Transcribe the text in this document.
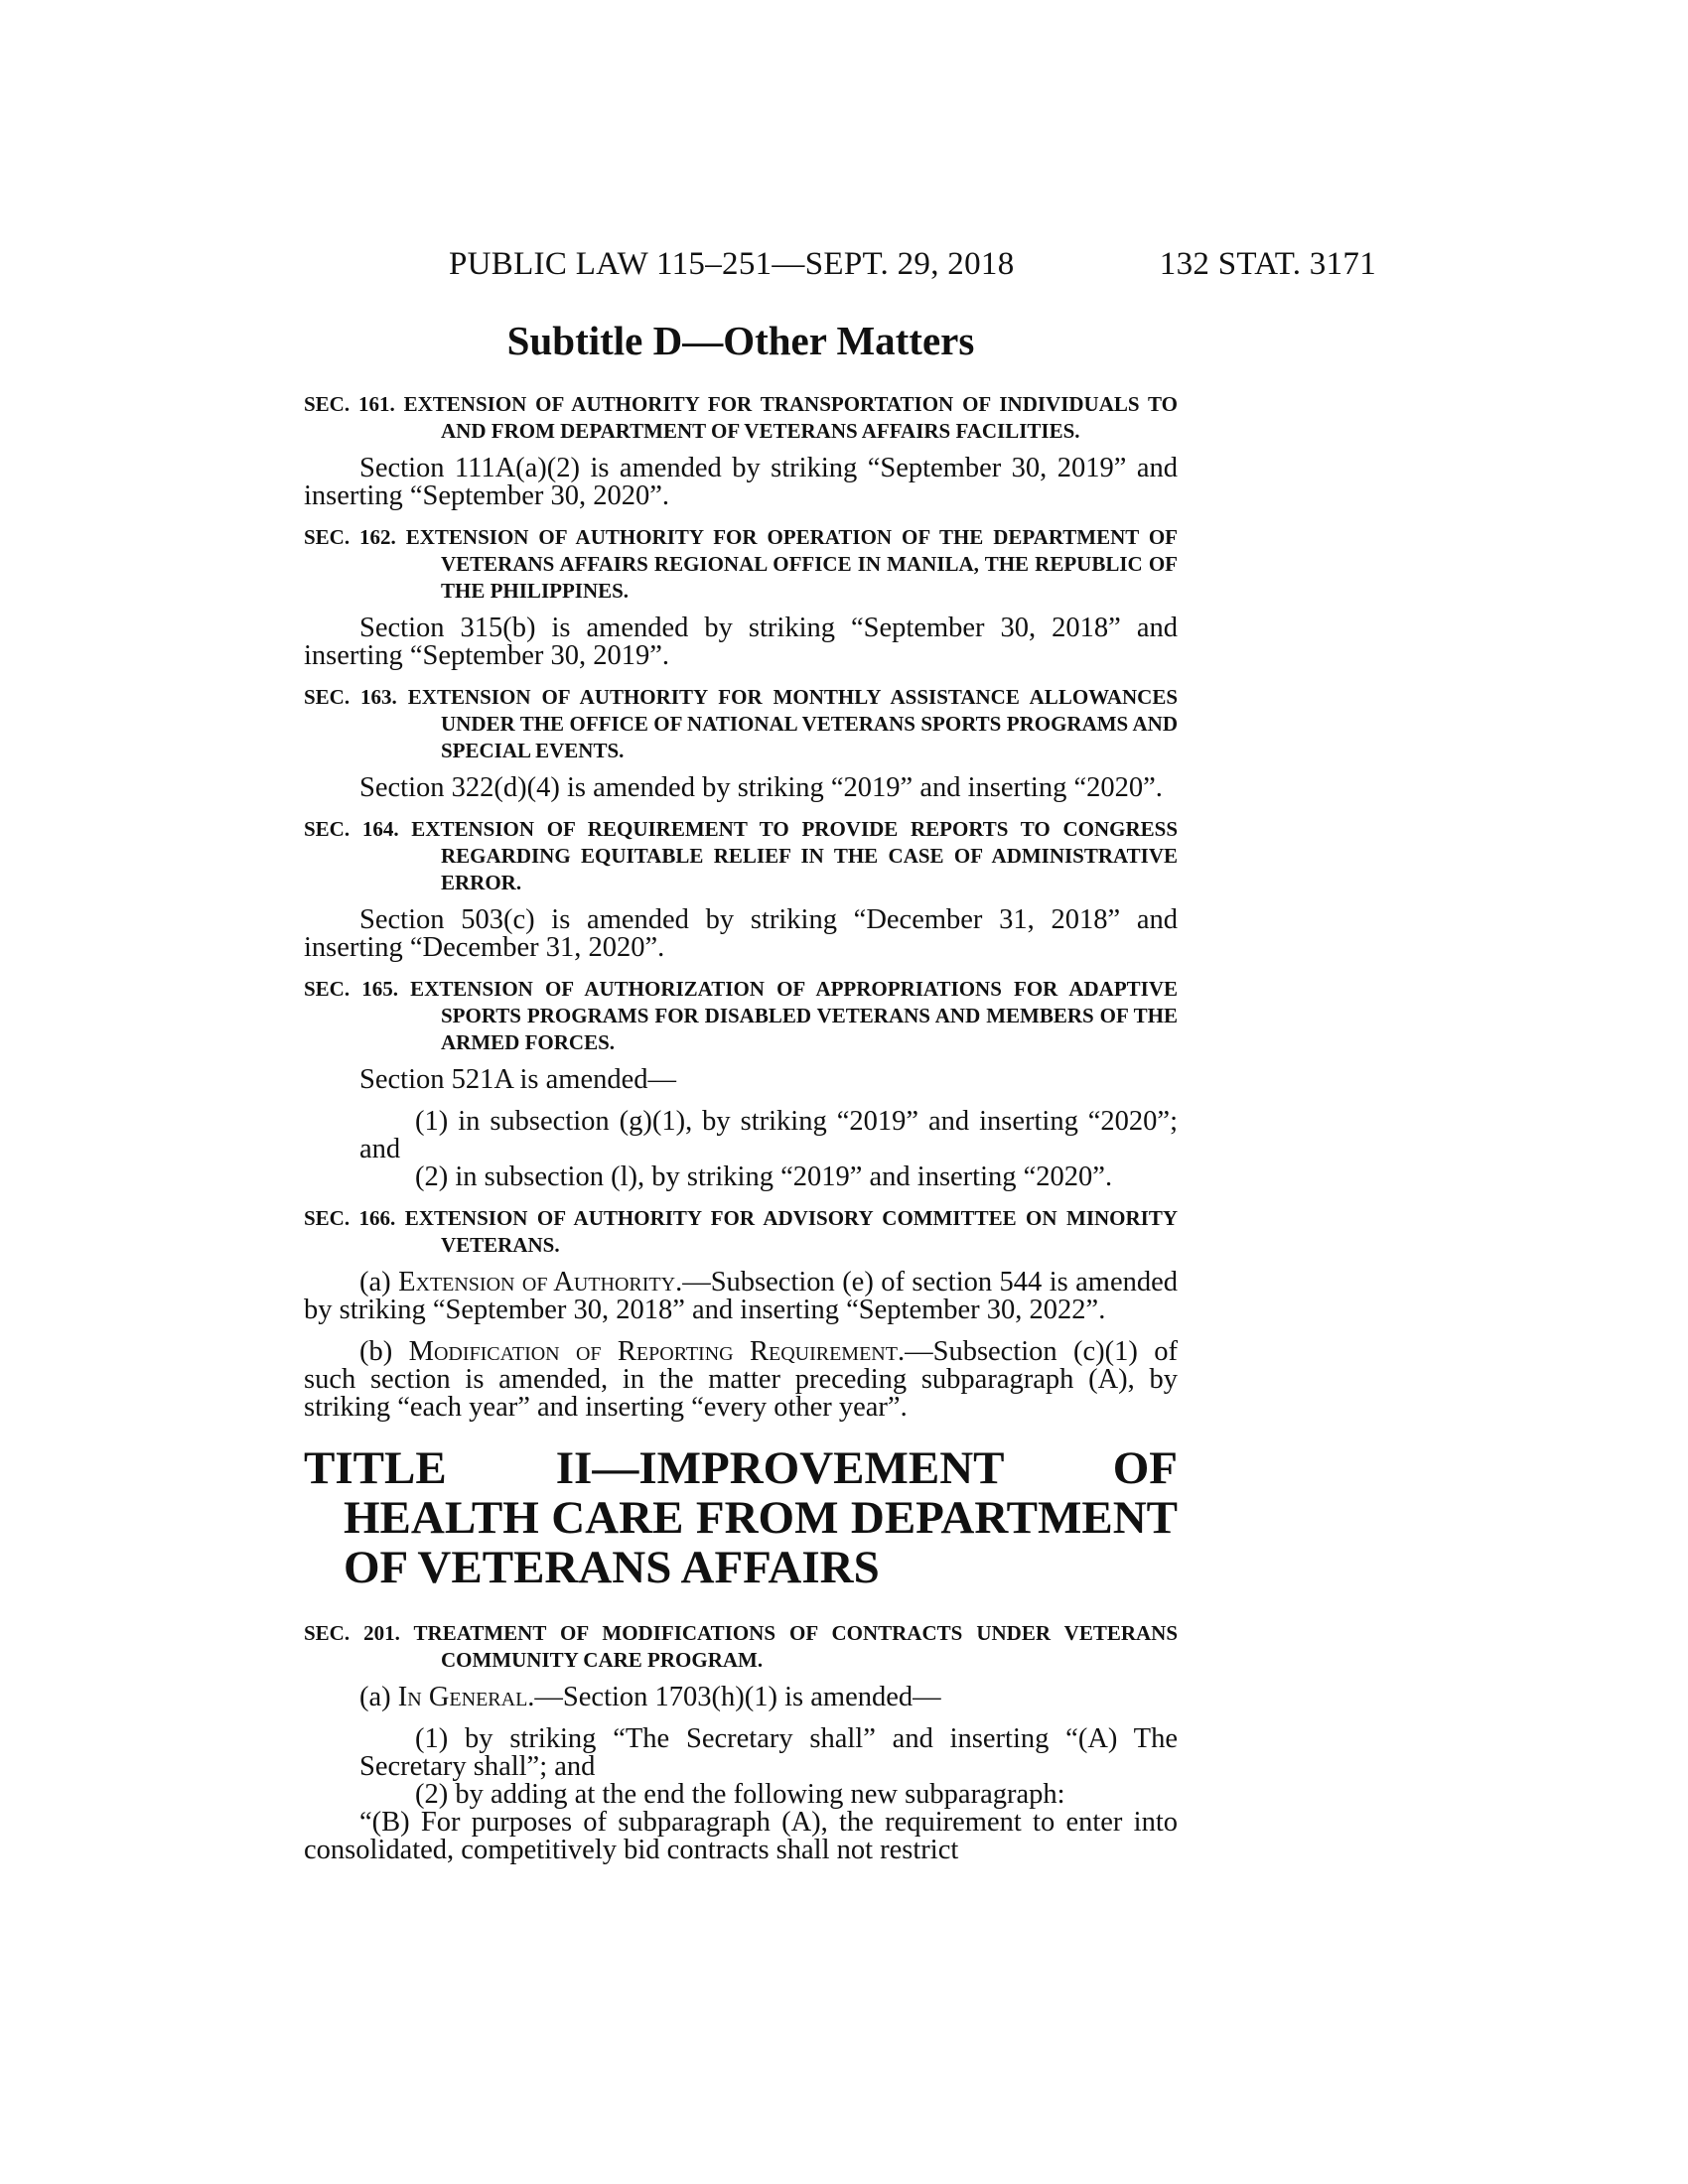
PUBLIC LAW 115–251—SEPT. 29, 2018	132 STAT. 3171
Subtitle D—Other Matters
SEC. 161. EXTENSION OF AUTHORITY FOR TRANSPORTATION OF INDIVIDUALS TO AND FROM DEPARTMENT OF VETERANS AFFAIRS FACILITIES.

Section 111A(a)(2) is amended by striking “September 30, 2019” and inserting “September 30, 2020”.

SEC. 162. EXTENSION OF AUTHORITY FOR OPERATION OF THE DEPARTMENT OF VETERANS AFFAIRS REGIONAL OFFICE IN MANILA, THE REPUBLIC OF THE PHILIPPINES.

Section 315(b) is amended by striking “September 30, 2018” and inserting “September 30, 2019”.

SEC. 163. EXTENSION OF AUTHORITY FOR MONTHLY ASSISTANCE ALLOWANCES UNDER THE OFFICE OF NATIONAL VETERANS SPORTS PROGRAMS AND SPECIAL EVENTS.

Section 322(d)(4) is amended by striking “2019” and inserting “2020”.

SEC. 164. EXTENSION OF REQUIREMENT TO PROVIDE REPORTS TO CONGRESS REGARDING EQUITABLE RELIEF IN THE CASE OF ADMINISTRATIVE ERROR.

Section 503(c) is amended by striking “December 31, 2018” and inserting “December 31, 2020”.

SEC. 165. EXTENSION OF AUTHORIZATION OF APPROPRIATIONS FOR ADAPTIVE SPORTS PROGRAMS FOR DISABLED VETERANS AND MEMBERS OF THE ARMED FORCES.

Section 521A is amended—

(1) in subsection (g)(1), by striking “2019” and inserting “2020”; and

(2) in subsection (l), by striking “2019” and inserting “2020”.

SEC. 166. EXTENSION OF AUTHORITY FOR ADVISORY COMMITTEE ON MINORITY VETERANS.

(a) Extension of Authority.—Subsection (e) of section 544 is amended by striking “September 30, 2018” and inserting “September 30, 2022”.

(b) Modification of Reporting Requirement.—Subsection (c)(1) of such section is amended, in the matter preceding subparagraph (A), by striking “each year” and inserting “every other year”.

TITLE II—IMPROVEMENT OF HEALTH CARE FROM DEPARTMENT OF VETERANS AFFAIRS
SEC. 201. TREATMENT OF MODIFICATIONS OF CONTRACTS UNDER VETERANS COMMUNITY CARE PROGRAM.

(a) In General.—Section 1703(h)(1) is amended—

(1) by striking “The Secretary shall” and inserting “(A) The Secretary shall”; and

(2) by adding at the end the following new subparagraph:

“(B) For purposes of subparagraph (A), the requirement to enter into consolidated, competitively bid contracts shall not restrict
